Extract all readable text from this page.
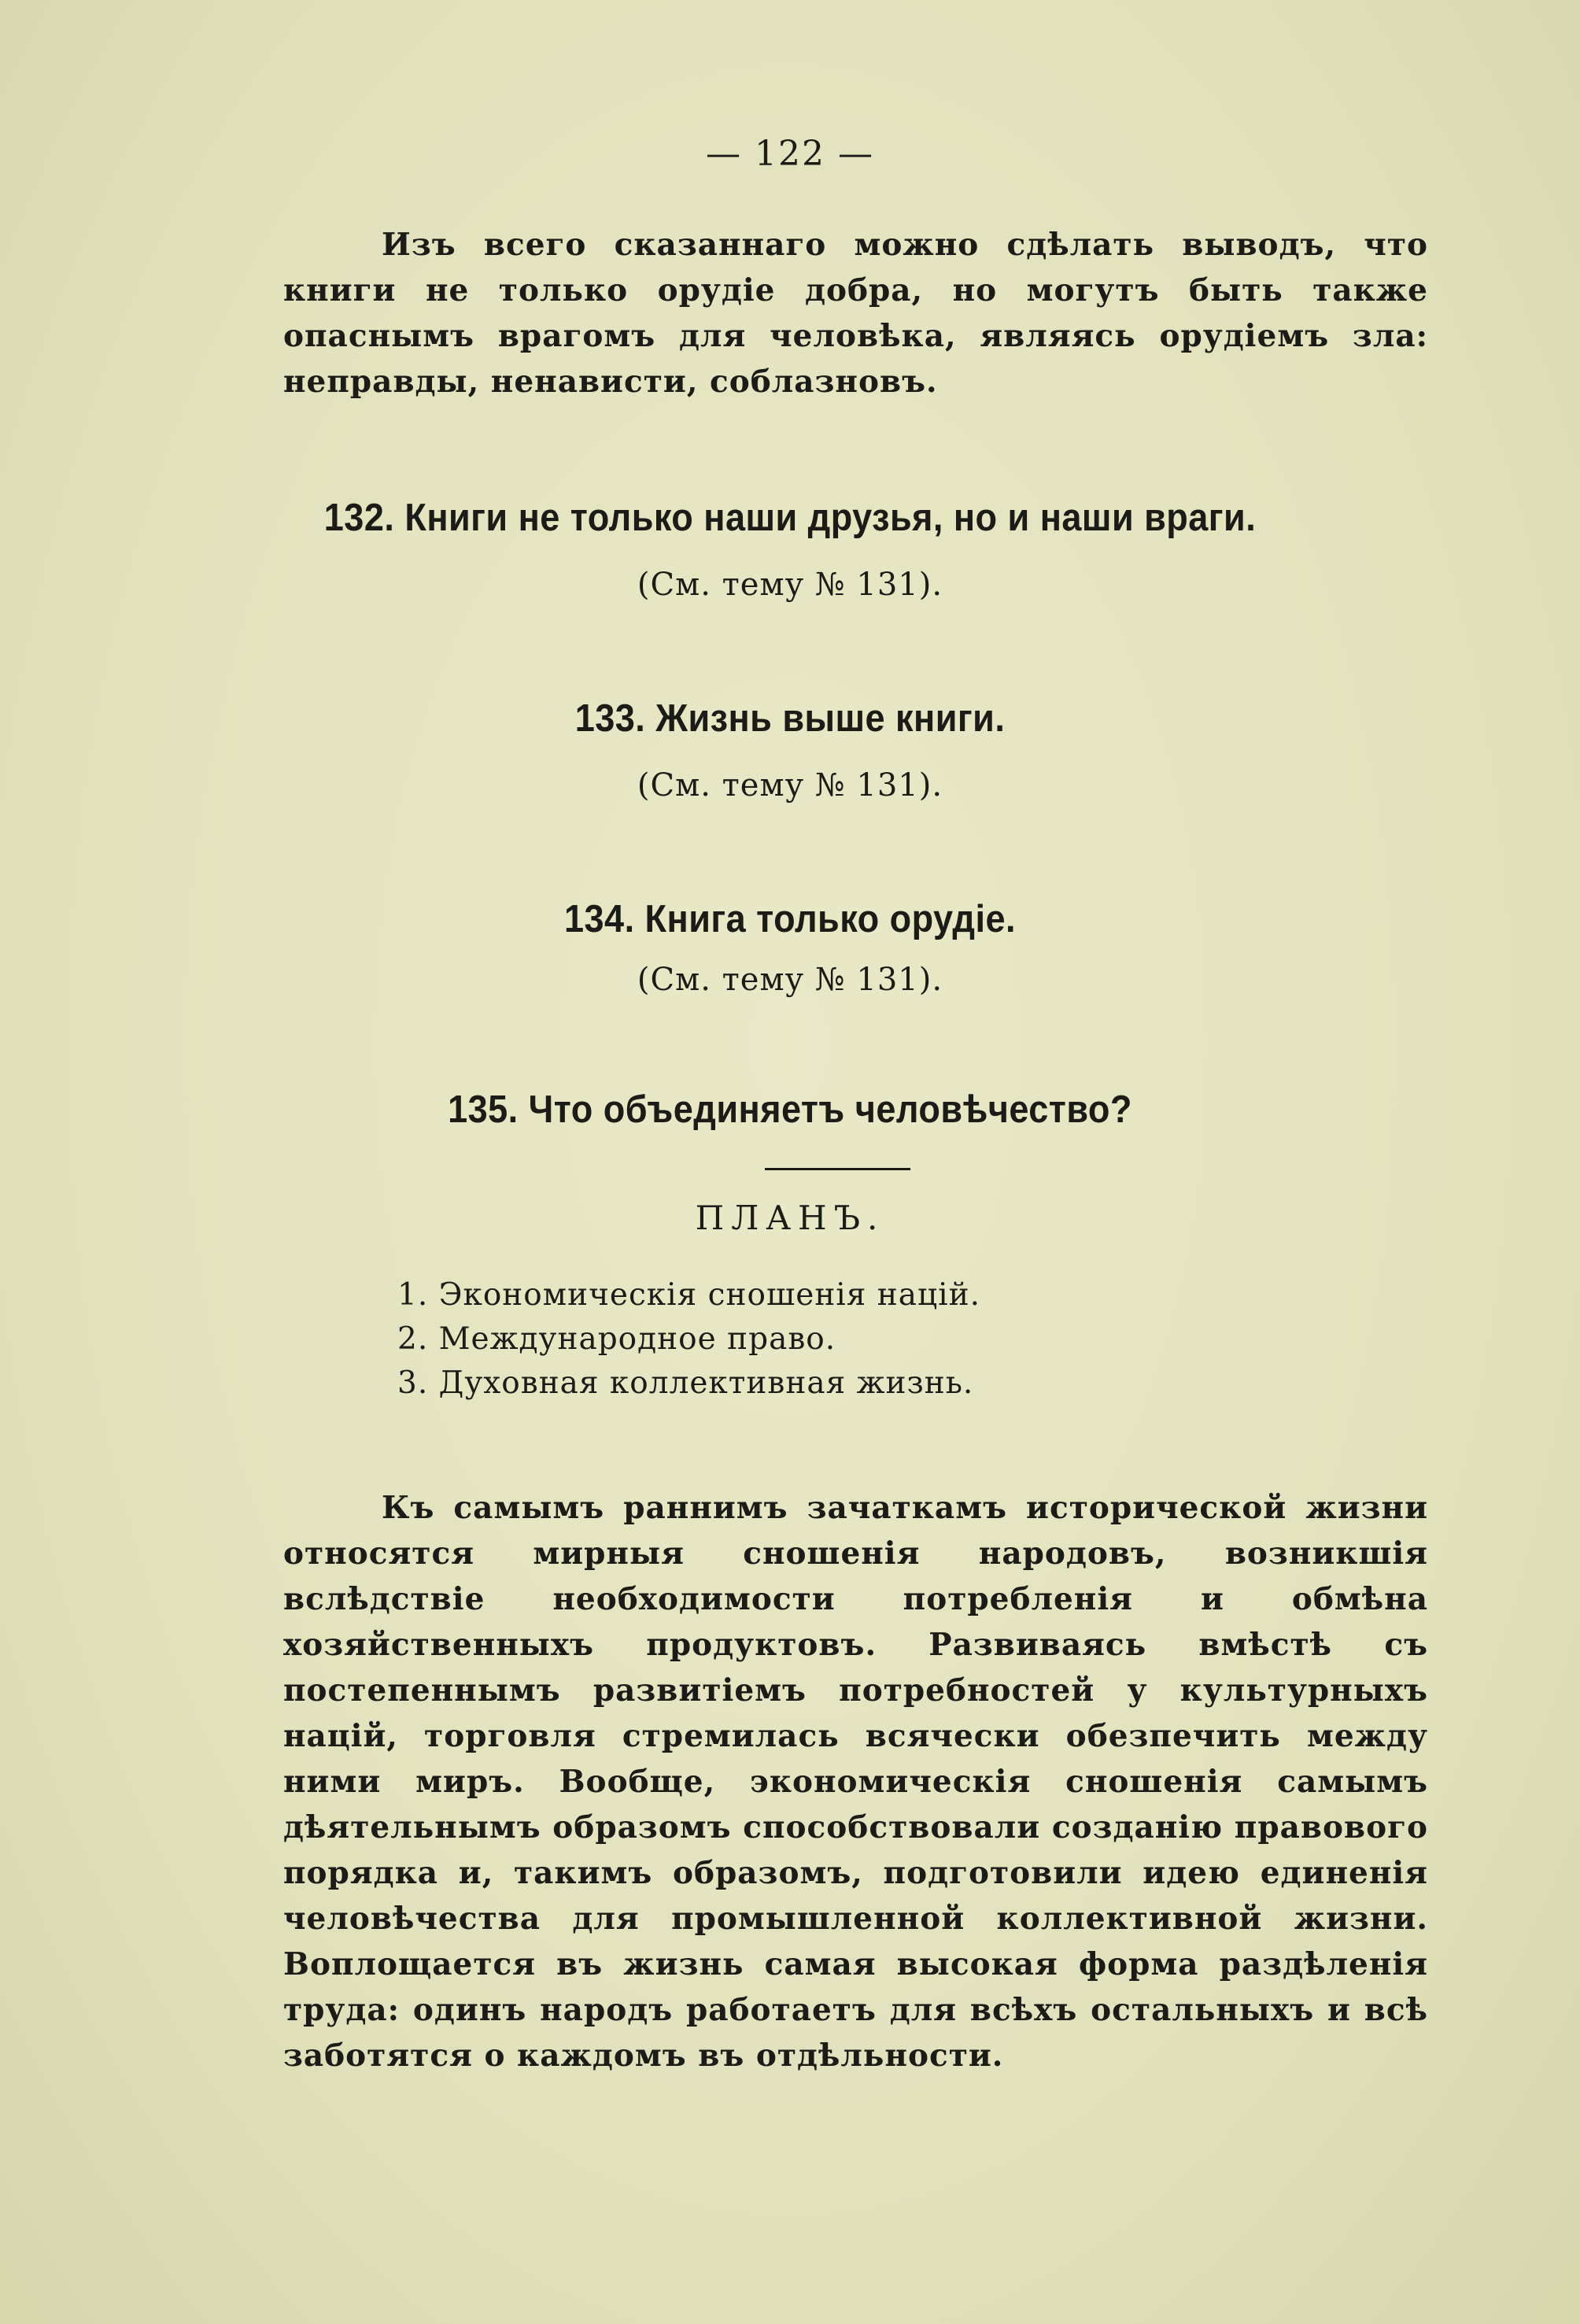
— 122 —
Изъ всего сказаннаго можно сдѣлать выводъ, что книги не только орудіе добра, но могутъ быть также опаснымъ врагомъ для человѣка, являясь орудіемъ зла: неправды, ненависти, соблазновъ.
132. Книги не только наши друзья, но и наши враги.
(См. тему № 131).
133. Жизнь выше книги.
(См. тему № 131).
134. Книга только орудіе.
(См. тему № 131).
135. Что объединяетъ человѣчество?
ПЛАНЪ.
1. Экономическія сношенія націй.
2. Международное право.
3. Духовная коллективная жизнь.
Къ самымъ раннимъ зачаткамъ исторической жизни относятся мирныя сношенія народовъ, возникшія вслѣдствіе необходимости потребленія и обмѣна хозяйственныхъ продуктовъ. Развиваясь вмѣстѣ съ постепеннымъ развитіемъ потребностей у культурныхъ націй, торговля стремилась всячески обезпечить между ними миръ. Вообще, экономическія сношенія самымъ дѣятельнымъ образомъ способствовали созданію правового порядка и, такимъ образомъ, подготовили идею единенія человѣчества для промышленной коллективной жизни. Воплощается въ жизнь самая высокая форма раздѣленія труда: одинъ народъ работаетъ для всѣхъ остальныхъ и всѣ заботятся о каждомъ въ отдѣльности.
